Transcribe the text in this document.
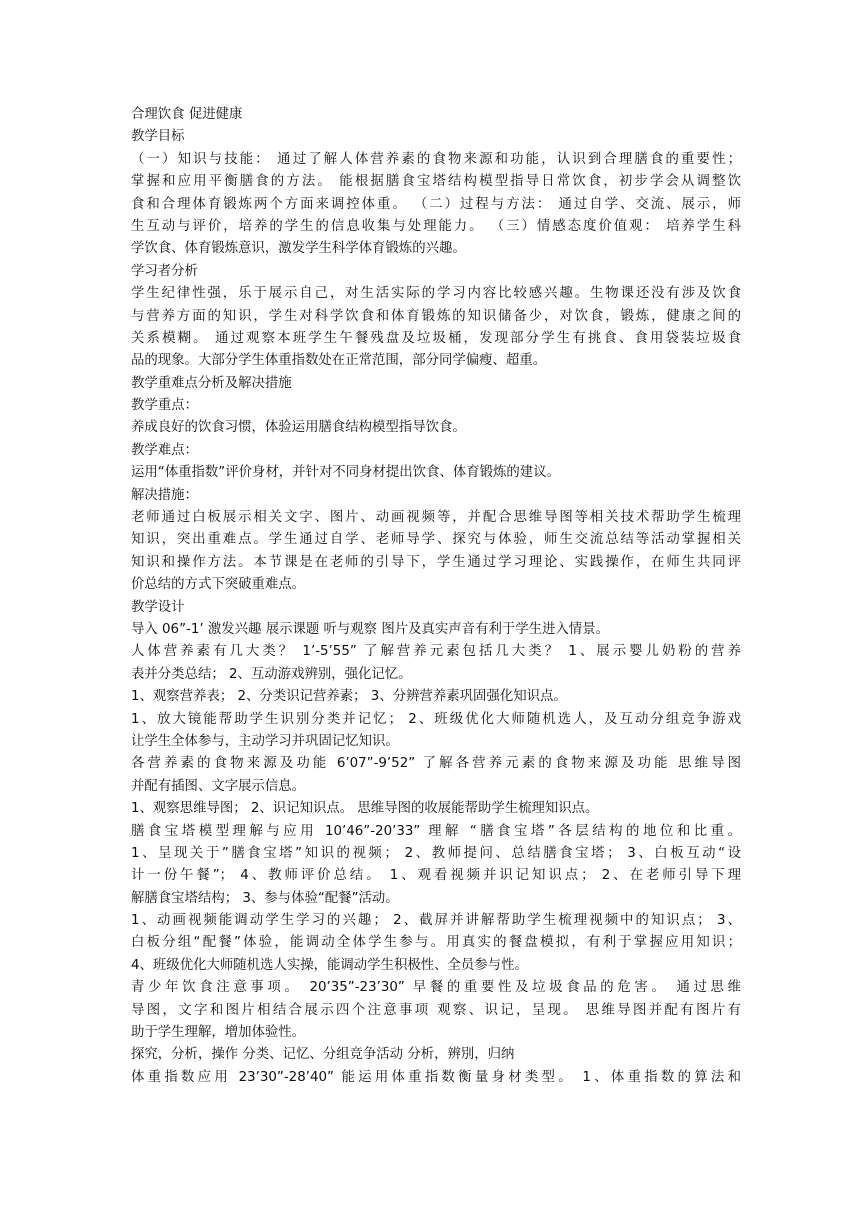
合理饮食 促进健康
教学目标
（一）知识与技能： 通过了解人体营养素的食物来源和功能，认识到合理膳食的重要性；
掌握和应用平衡膳食的方法。 能根据膳食宝塔结构模型指导日常饮食，初步学会从调整饮
食和合理体育锻炼两个方面来调控体重。 （二）过程与方法： 通过自学、交流、展示，师
生互动与评价，培养的学生的信息收集与处理能力。 （三）情感态度价值观： 培养学生科
学饮食、体育锻炼意识，激发学生科学体育锻炼的兴趣。
学习者分析
学生纪律性强，乐于展示自己，对生活实际的学习内容比较感兴趣。生物课还没有涉及饮食
与营养方面的知识，学生对科学饮食和体育锻炼的知识储备少，对饮食，锻炼，健康之间的
关系模糊。 通过观察本班学生午餐残盘及垃圾桶，发现部分学生有挑食、食用袋装垃圾食
品的现象。大部分学生体重指数处在正常范围，部分同学偏瘦、超重。
教学重难点分析及解决措施
教学重点：
养成良好的饮食习惯，体验运用膳食结构模型指导饮食。
教学难点：
运用“体重指数”评价身材，并针对不同身材提出饮食、体育锻炼的建议。
解决措施：
老师通过白板展示相关文字、图片、动画视频等，并配合思维导图等相关技术帮助学生梳理
知识，突出重难点。学生通过自学、老师导学、探究与体验，师生交流总结等活动掌握相关
知识和操作方法。本节课是在老师的引导下，学生通过学习理论、实践操作，在师生共同评
价总结的方式下突破重难点。
教学设计
导入 06”-1’ 激发兴趣 展示课题 听与观察 图片及真实声音有利于学生进入情景。
人体营养素有几大类？ 1’-5’55” 了解营养元素包括几大类？ 1、展示婴儿奶粉的营养
表并分类总结； 2、互动游戏辨别，强化记忆。
1、观察营养表； 2、分类识记营养素； 3、分辨营养素巩固强化知识点。
1、放大镜能帮助学生识别分类并记忆； 2、班级优化大师随机选人，及互动分组竞争游戏
让学生全体参与，主动学习并巩固记忆知识。
各营养素的食物来源及功能 6’07”-9’52” 了解各营养元素的食物来源及功能 思维导图
并配有插图、文字展示信息。
1、观察思维导图； 2、识记知识点。 思维导图的收展能帮助学生梳理知识点。
膳食宝塔模型理解与应用 10’46”-20’33” 理解 “膳食宝塔”各层结构的地位和比重。
1、呈现关于”膳食宝塔”知识的视频； 2、教师提问、总结膳食宝塔； 3、白板互动“设
计一份午餐”； 4、教师评价总结。 1、观看视频并识记知识点； 2、在老师引导下理
解膳食宝塔结构； 3、参与体验“配餐”活动。
1、动画视频能调动学生学习的兴趣； 2、截屏并讲解帮助学生梳理视频中的知识点； 3、
白板分组“配餐”体验，能调动全体学生参与。用真实的餐盘模拟，有利于掌握应用知识；
4、班级优化大师随机选人实操，能调动学生积极性、全员参与性。
青少年饮食注意事项。 20’35”-23’30” 早餐的重要性及垃圾食品的危害。 通过思维
导图，文字和图片相结合展示四个注意事项 观察、识记，呈现。 思维导图并配有图片有
助于学生理解，增加体验性。
探究，分析，操作 分类、记忆、分组竞争活动 分析，辨別，归纳
体重指数应用 23’30”-28’40” 能运用体重指数衡量身材类型。 1、体重指数的算法和
